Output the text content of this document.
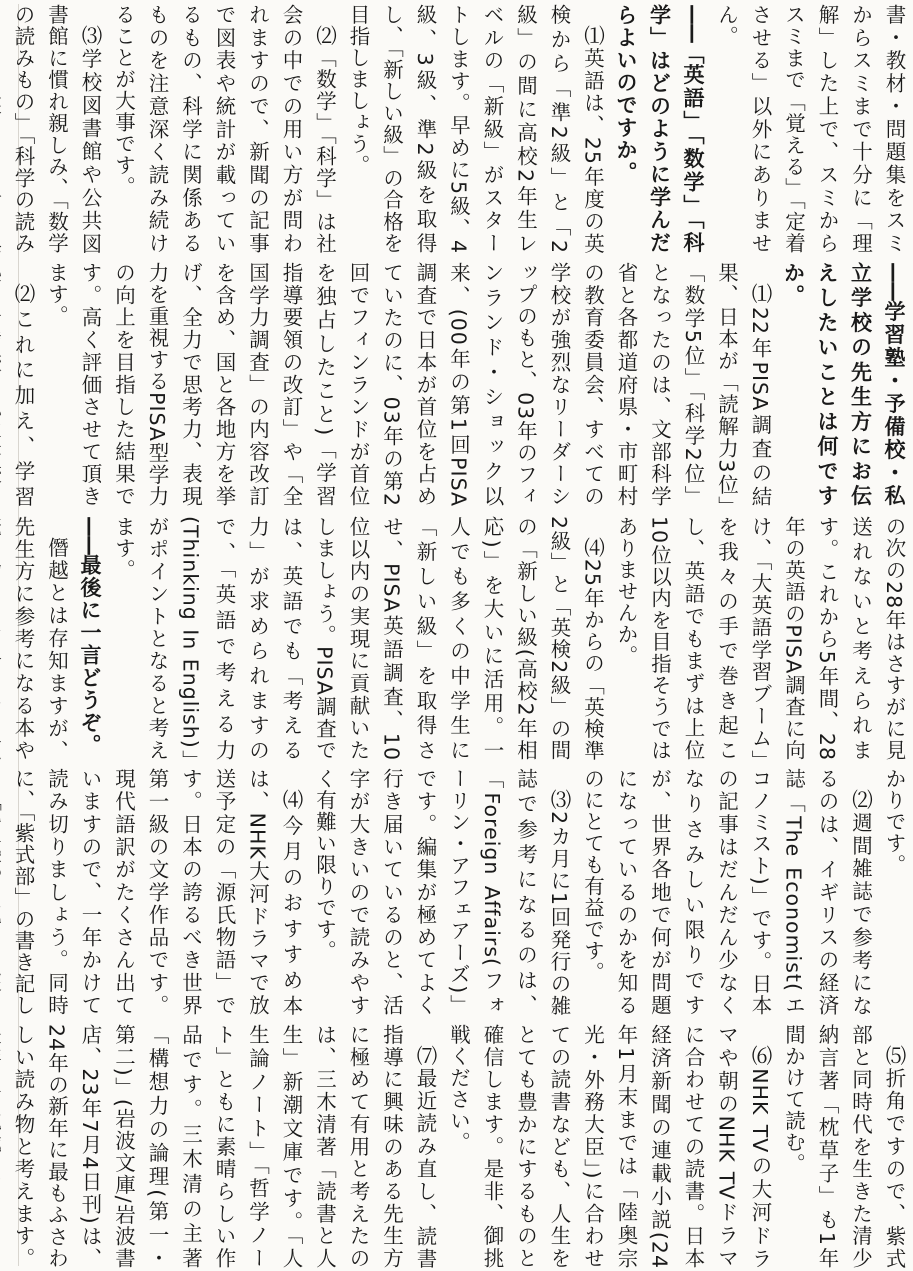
書・教材・問題集をスミからスミまで十分に「理解」した上で、スミからスミまで「覚える」「定着させる」以外にありません。

——「英語」「数学」「科学」はどのように学んだらよいのですか。

⑴英語は、25年度の英検から「準2級」と「2級」の間に高校2年生レベルの「新級」がスタートします。早めに5級、4級、3級、準2級を取得し、「新しい級」の合格を目指しましょう。

⑵「数学」「科学」は社会の中での用い方が問われますので、新聞の記事で図表や統計が載っているもの、科学に関係あるものを注意深く読み続けることが大事です。

⑶学校図書館や公共図書館に慣れ親しみ、「数学の読みもの」「科学の読み

——学習塾・予備校・私立学校の先生方にお伝えしたいことは何ですか。

⑴22年PISA調査の結果、日本が「読解力3位」「数学5位」「科学2位」となったのは、文部科学省と各都道府県・市町村の教育委員会、すべての学校が強烈なリーダーシップのもと、03年のフィンランド・ショック以来、(00年の第1回PISA調査で日本が首位を占めていたのに、03年の第2回でフィンランドが首位を独占したこと)「学習指導要領の改訂」や「全国学力調査」の内容改訂を含め、国と各地方を挙げ、全力で思考力、表現力を重視するPISA型学力の向上を目指した結果です。高く評価させて頂きます。

⑵これに加え、学習

の次の28年はさすがに見送れないと考えられます。これから5年間、28年の英語のPISA調査に向け、「大英語学習ブーム」を我々の手で巻き起こし、英語でもまずは上位10位以内を目指そうではありませんか。

⑷25年からの「英検準2級」と「英検2級」の間の「新しい級(高校2年相応)」を大いに活用。一人でも多くの中学生に「新しい級」を取得させ、PISA英語調査、10位以内の実現に貢献いたしましょう。PISA調査では、英語でも「考える力」が求められますので、「英語で考える力(Thinking In English)」がポイントとなると考えます。

——最後に一言どうぞ。

僭越とは存知ますが、先生方に参考になる本や

かりです。

⑵週間雑誌で参考になるのは、イギリスの経済誌「The Economist(エコノミスト)」です。日本の記事はだんだん少なくなりさみしい限りですが、世界各地で何が問題になっているのかを知るのにとても有益です。

⑶2カ月に1回発行の雑誌で参考になるのは、「Foreign Affairs(フォーリン・アフェアーズ)」です。編集が極めてよく行き届いているのと、活字が大きいので読みやすく有難い限りです。

⑷今月のおすすめ本は、NHK大河ドラマで放送予定の「源氏物語」です。日本の誇るべき世界第一級の文学作品です。現代語訳がたくさん出ていますので、一年かけて読み切りましょう。同時に、「紫式部」の書き記し

⑸折角ですので、紫式部と同時代を生きた清少納言著「枕草子」も1年間かけて読む。

⑹NHK TVの大河ドラマや朝のNHK TVドラマに合わせての読書。日本経済新聞の連載小説(24年1月末までは「陸奥宗光・外務大臣」)に合わせての読書なども、人生をとても豊かにするものと確信します。是非、御挑戦ください。

⑺最近読み直し、読書指導に興味のある先生方に極めて有用と考えたのは、三木清著「読書と人生」新潮文庫です。「人生論ノート」「哲学ノート」ともに素晴らしい作品です。三木清の主著「構想力の論理(第一・第二)」(岩波文庫/岩波書店、23年7月4日刊)は、24年の新年に最もふさわしい読み物と考えます。
